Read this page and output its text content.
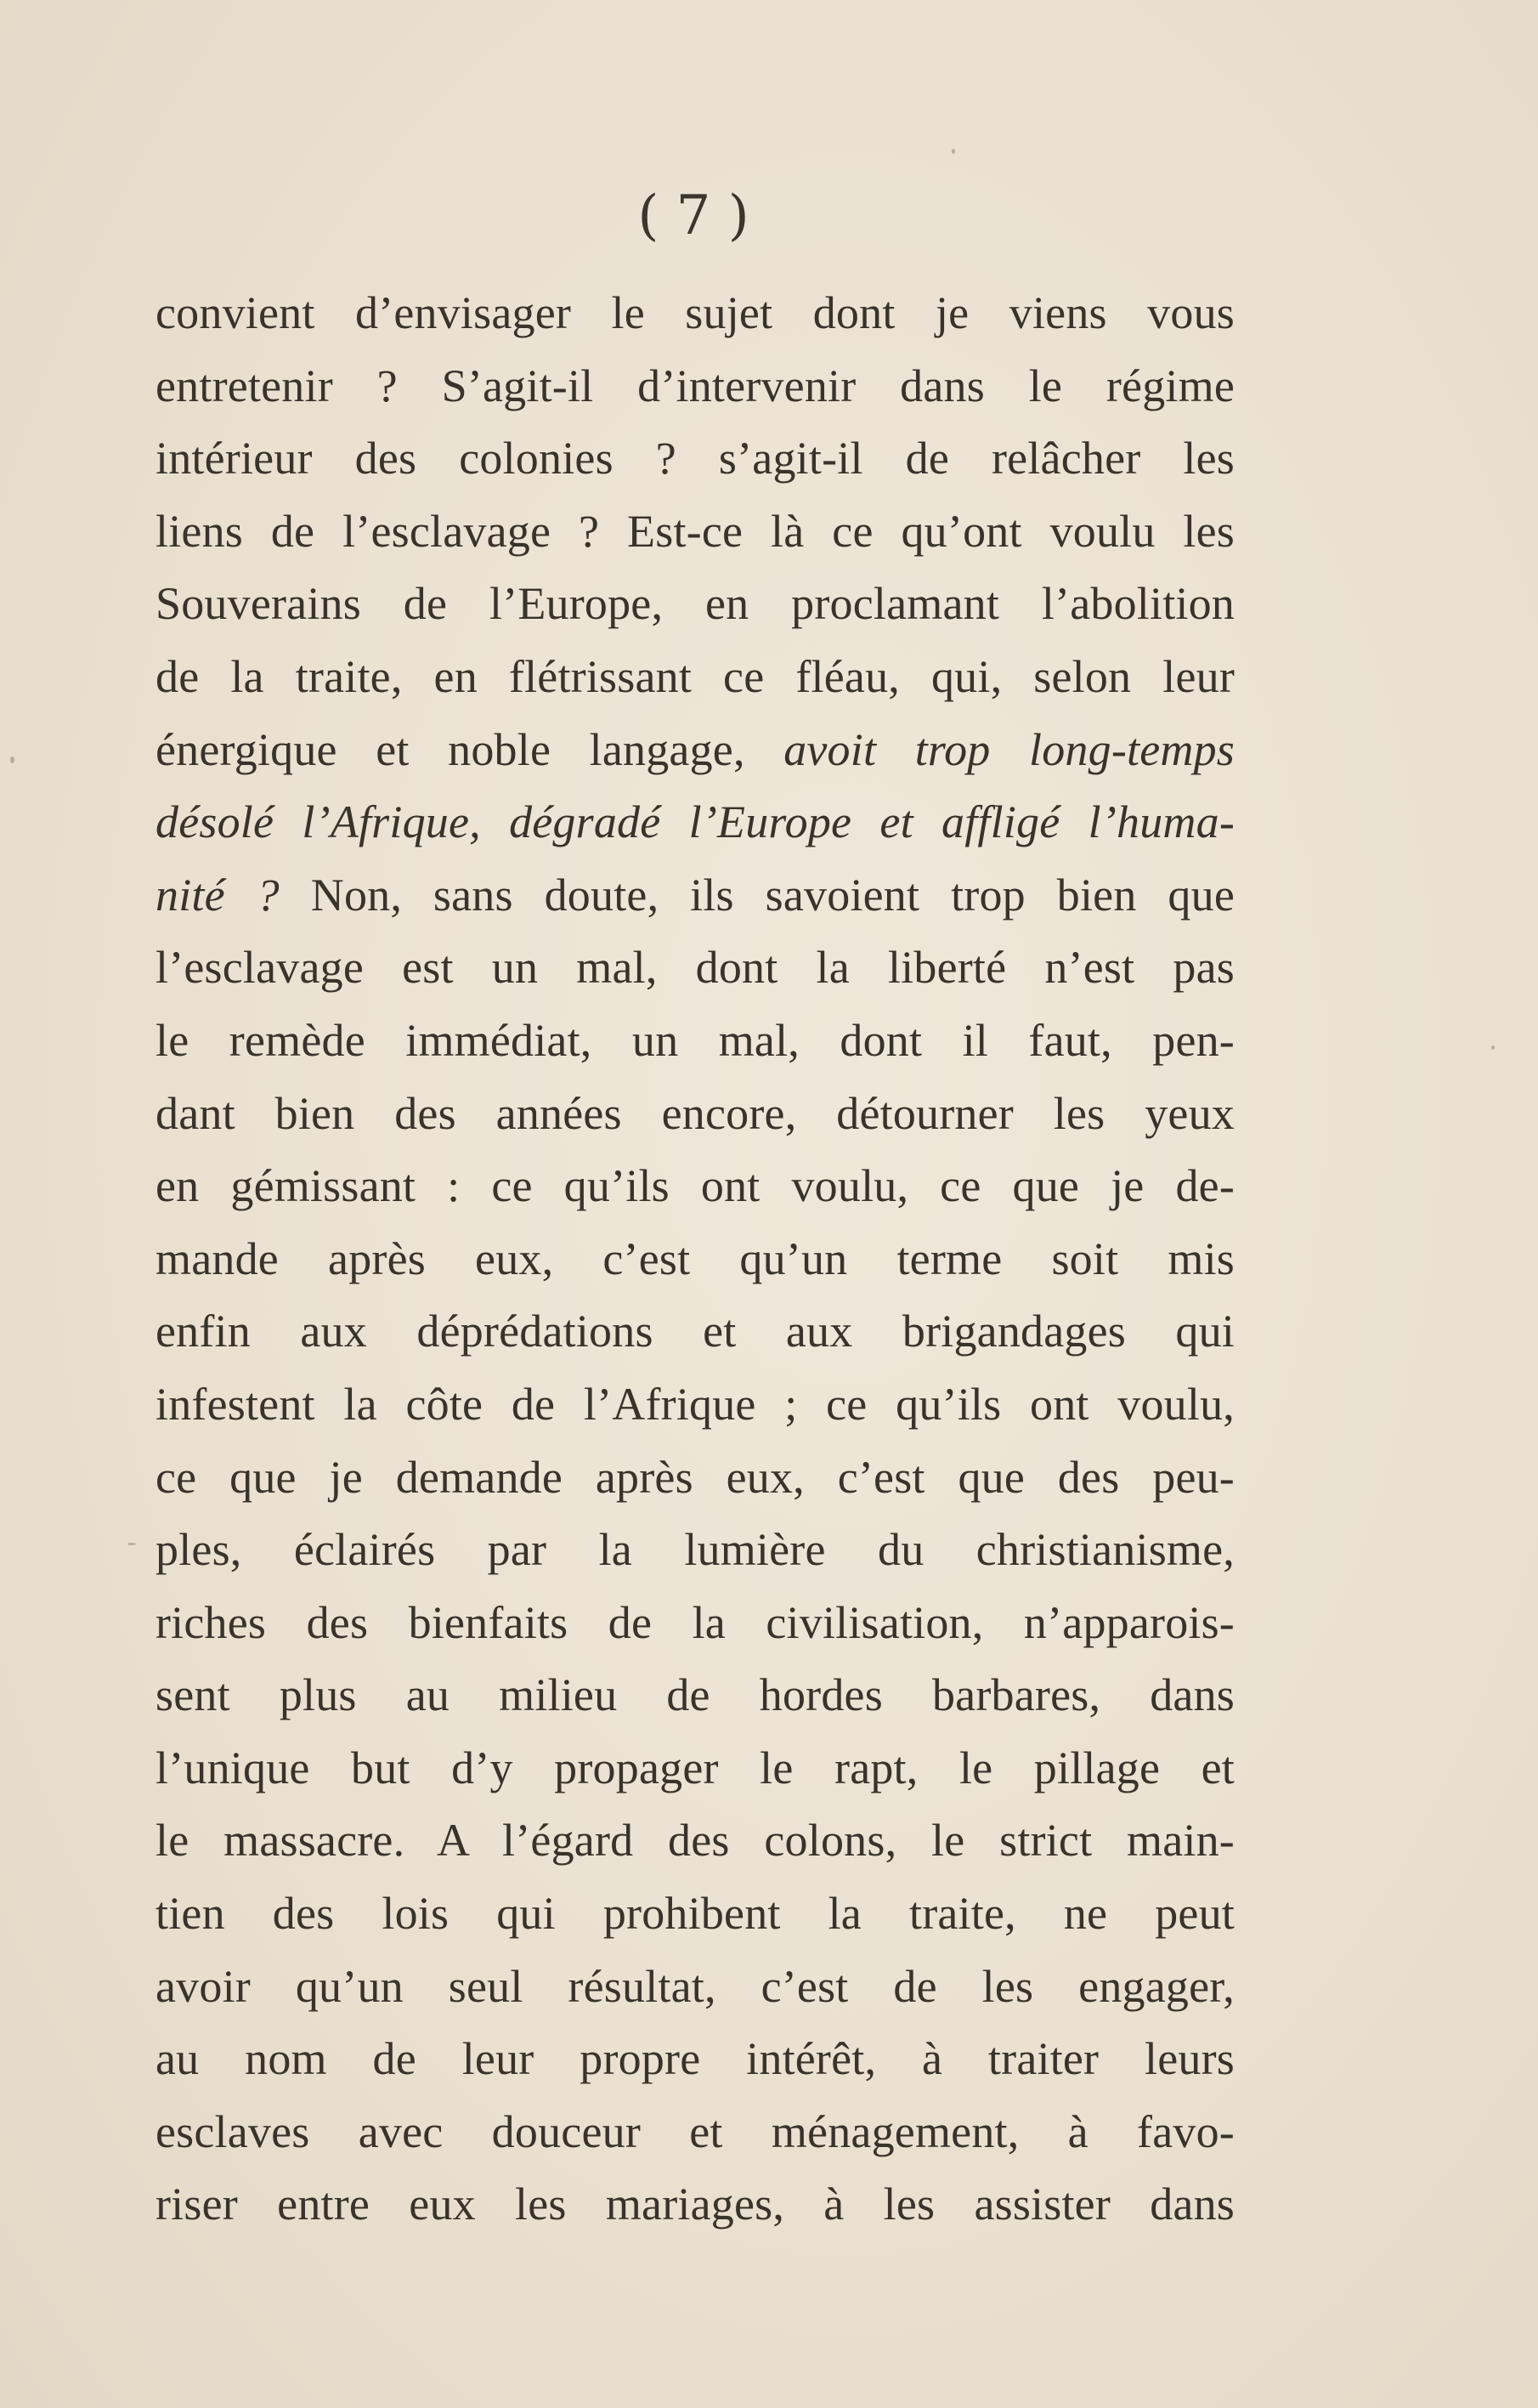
( 7 )
convient d’envisager le sujet dont je viens vous
entretenir ? S’agit-il d’intervenir dans le régime
intérieur des colonies ? s’agit-il de relâcher les
liens de l’esclavage ? Est-ce là ce qu’ont voulu les
Souverains de l’Europe, en proclamant l’abolition
de la traite, en flétrissant ce fléau, qui, selon leur
énergique et noble langage, avoit trop long-temps
désolé l’Afrique, dégradé l’Europe et affligé l’huma-
nité ? Non, sans doute, ils savoient trop bien que
l’esclavage est un mal, dont la liberté n’est pas
le remède immédiat, un mal, dont il faut, pen-
dant bien des années encore, détourner les yeux
en gémissant : ce qu’ils ont voulu, ce que je de-
mande après eux, c’est qu’un terme soit mis
enfin aux déprédations et aux brigandages qui
infestent la côte de l’Afrique ; ce qu’ils ont voulu,
ce que je demande après eux, c’est que des peu-
ples, éclairés par la lumière du christianisme,
riches des bienfaits de la civilisation, n’apparois-
sent plus au milieu de hordes barbares, dans
l’unique but d’y propager le rapt, le pillage et
le massacre. A l’égard des colons, le strict main-
tien des lois qui prohibent la traite, ne peut
avoir qu’un seul résultat, c’est de les engager,
au nom de leur propre intérêt, à traiter leurs
esclaves avec douceur et ménagement, à favo-
riser entre eux les mariages, à les assister dans
